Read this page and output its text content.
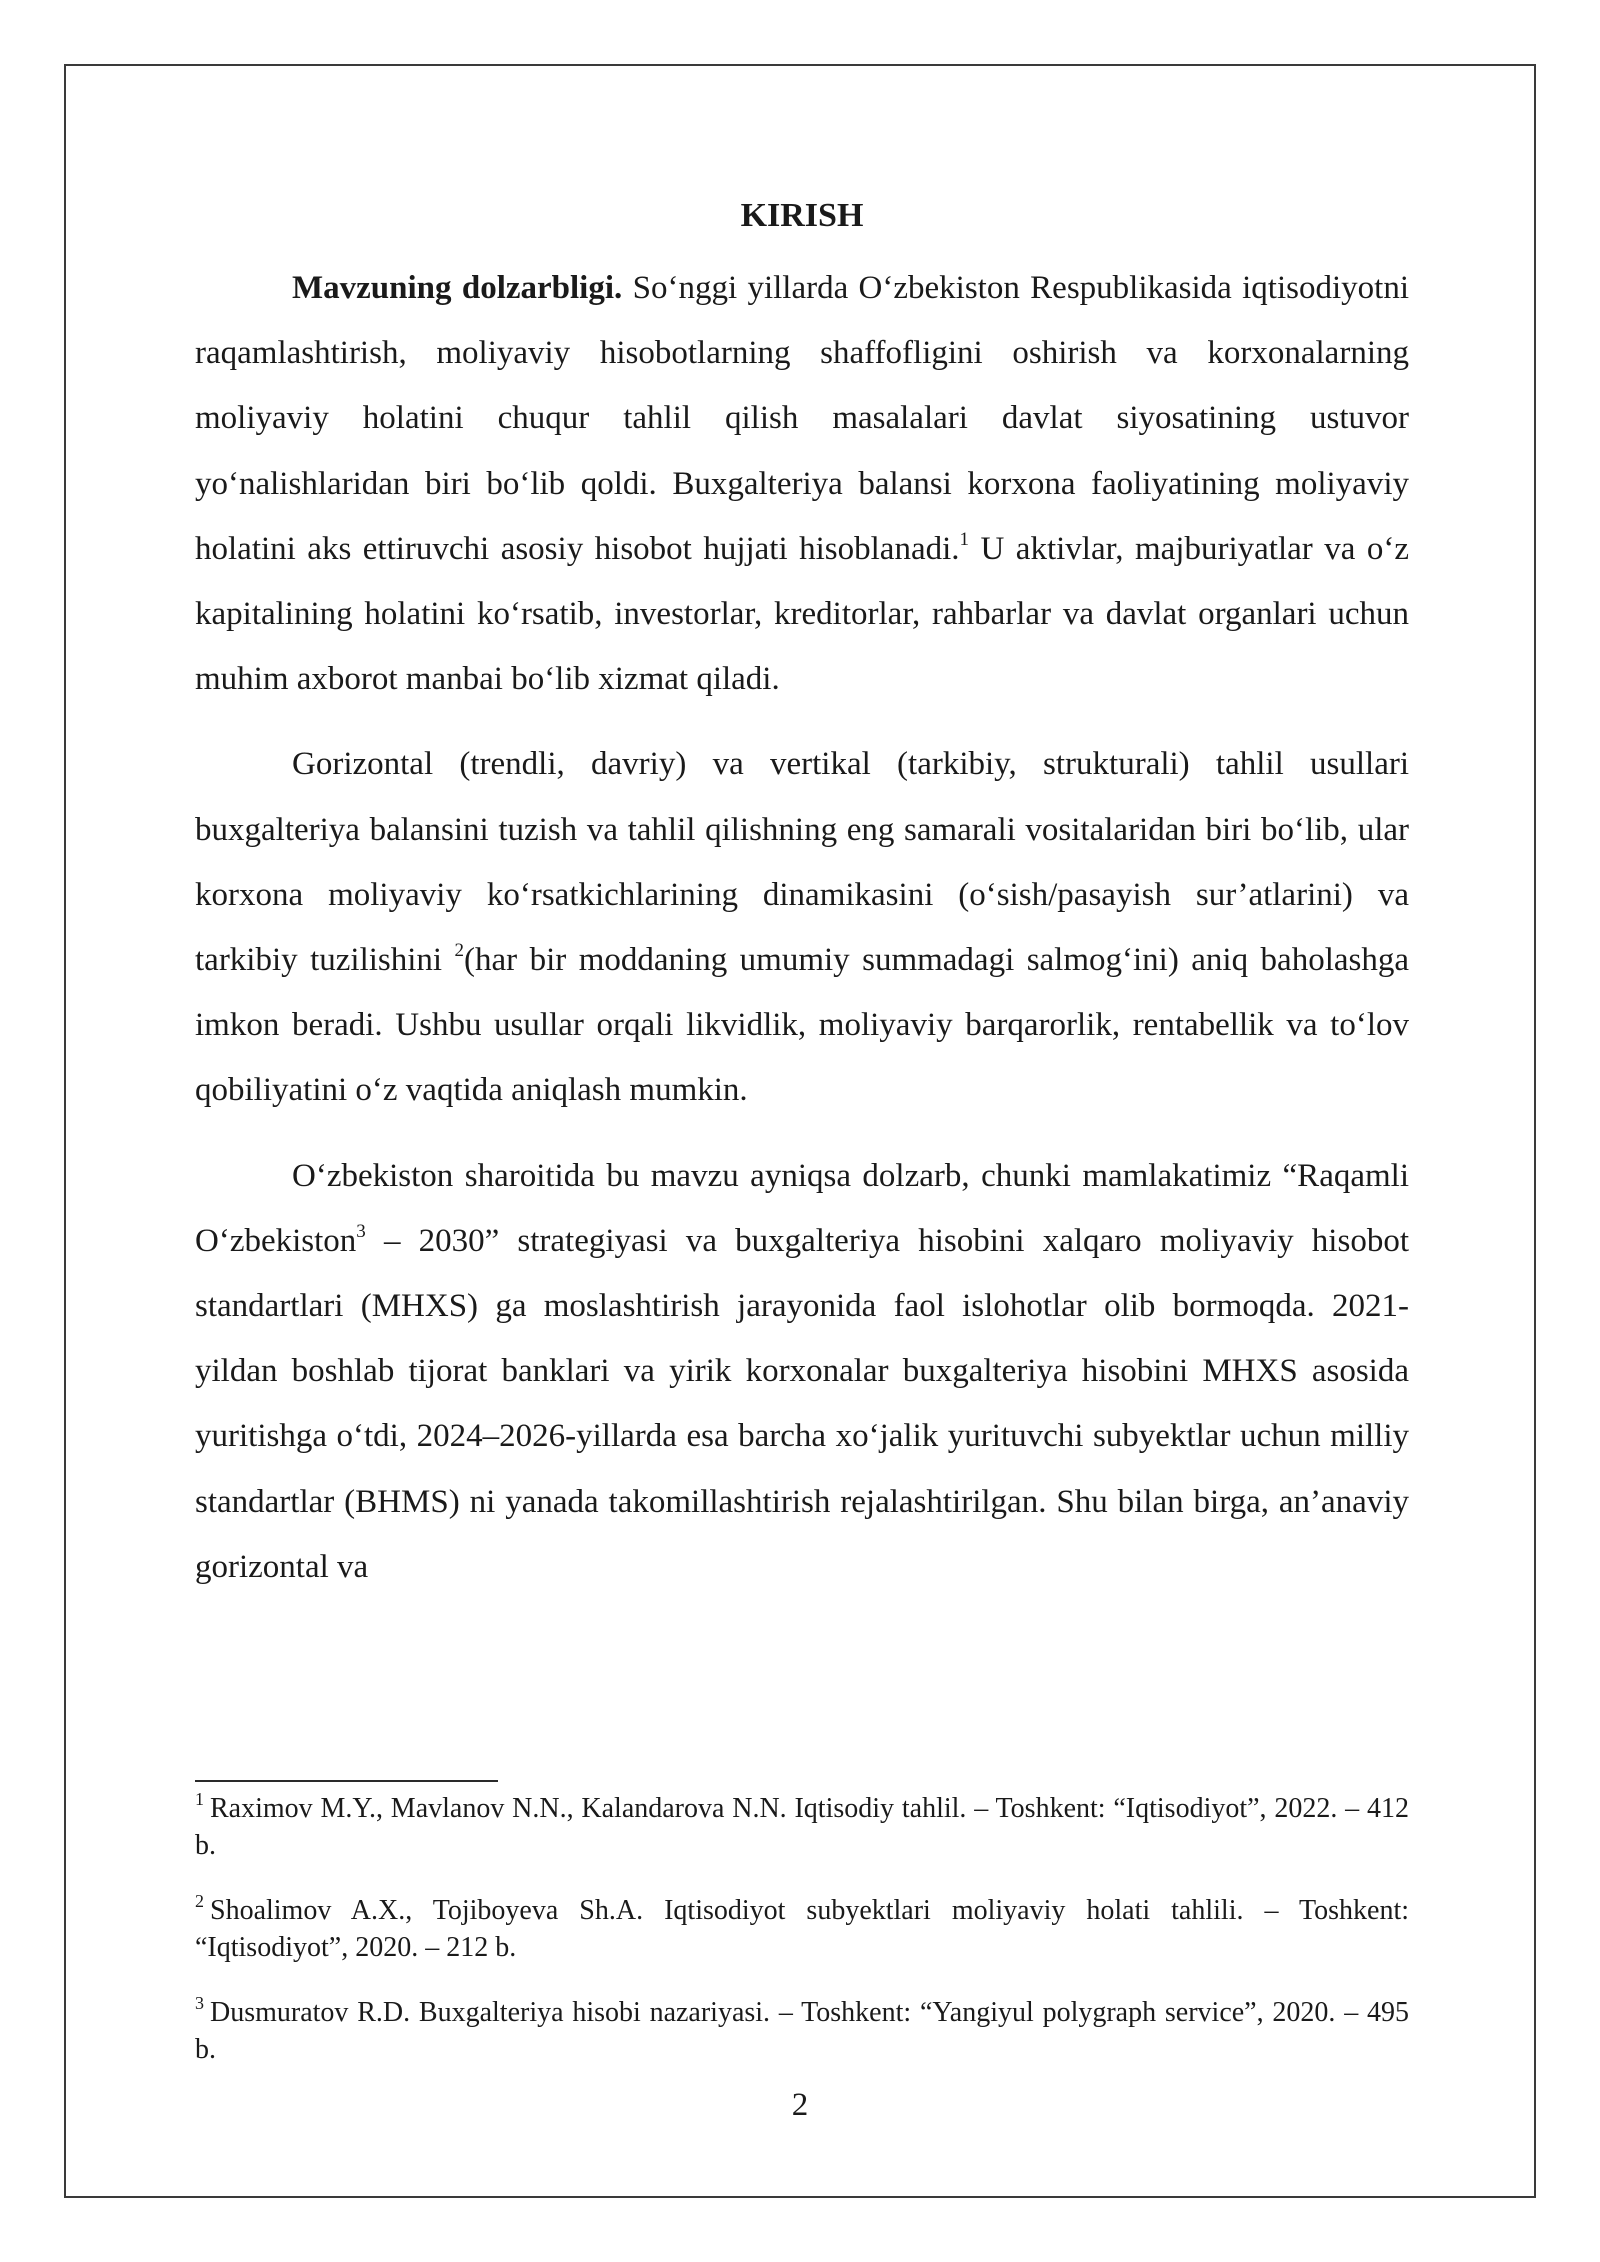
KIRISH

Mavzuning dolzarbligi. So‘nggi yillarda O‘zbekiston Respublikasida iqtisodiyotni raqamlashtirish, moliyaviy hisobotlarning shaffofligini oshirish va korxonalarning moliyaviy holatini chuqur tahlil qilish masalalari davlat siyosatining ustuvor yo‘nalishlaridan biri bo‘lib qoldi. Buxgalteriya balansi korxona faoliyatining moliyaviy holatini aks ettiruvchi asosiy hisobot hujjati hisoblanadi.$^1$ U aktivlar, majburiyatlar va o‘z kapitalining holatini ko‘rsatib, investorlar, kreditorlar, rahbarlar va davlat organlari uchun muhim axborot manbai bo‘lib xizmat qiladi.

Gorizontal (trendli, davriy) va vertikal (tarkibiy, strukturali) tahlil usullari buxgalteriya balansini tuzish va tahlil qilishning eng samarali vositalaridan biri bo‘lib, ular korxona moliyaviy ko‘rsatkichlarining dinamikasini (o‘sish/pasayish sur’atlarini) va tarkibiy tuzilishini $^2$(har bir moddaning umumiy summadagi salmog‘ini) aniq baholashga imkon beradi. Ushbu usullar orqali likvidlik, moliyaviy barqarorlik, rentabellik va to‘lov qobiliyatini o‘z vaqtida aniqlash mumkin.

O‘zbekiston sharoitida bu mavzu ayniqsa dolzarb, chunki mamlakatimiz “Raqamli O‘zbekiston$^3$ – 2030” strategiyasi va buxgalteriya hisobini xalqaro moliyaviy hisobot standartlari (MHXS) ga moslashtirish jarayonida faol islohotlar olib bormoqda. 2021-yildan boshlab tijorat banklari va yirik korxonalar buxgalteriya hisobini MHXS asosida yuritishga o‘tdi, 2024–2026-yillarda esa barcha xo‘jalik yurituvchi subyektlar uchun milliy standartlar (BHMS) ni yanada takomillashtirish rejalashtirilgan. Shu bilan birga, an’anaviy gorizontal va

$^1$ Raximov M.Y., Mavlanov N.N., Kalandarova N.N. Iqtisodiy tahlil. – Toshkent: “Iqtisodiyot”, 2022. – 412 b.

$^2$ Shoalimov A.X., Tojiboyeva Sh.A. Iqtisodiyot subyektlari moliyaviy holati tahlili. – Toshkent: “Iqtisodiyot”, 2020. – 212 b.

$^3$ Dusmuratov R.D. Buxgalteriya hisobi nazariyasi. – Toshkent: “Yangiyul polygraph service”, 2020. – 495 b.

2
